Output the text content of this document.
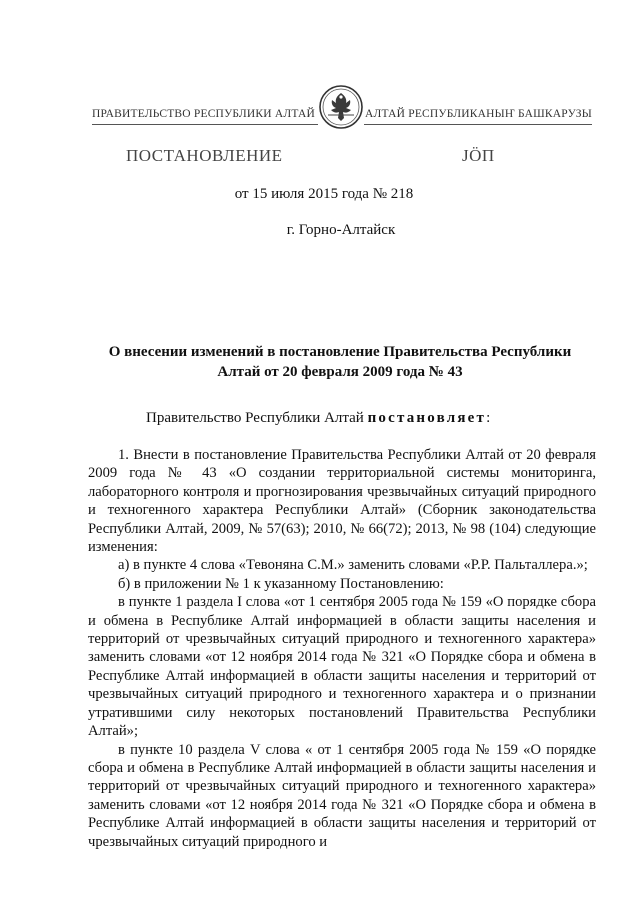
ПРАВИТЕЛЬСТВО РЕСПУБЛИКИ АЛТАЙ	АЛТАЙ РЕСПУБЛИКАНЫҤ БАШКАРУЗЫ
ПОСТАНОВЛЕНИЕ	JÖП
от 15 июля 2015 года № 218
г. Горно-Алтайск
О внесении изменений в постановление Правительства Республики Алтай от 20 февраля 2009 года № 43
Правительство Республики Алтай постановляет:

1. Внести в постановление Правительства Республики Алтай от 20 февраля 2009 года № 43 «О создании территориальной системы мониторинга, лабораторного контроля и прогнозирования чрезвычайных ситуаций природного и техногенного характера Республики Алтай» (Сборник законодательства Республики Алтай, 2009, № 57(63); 2010, № 66(72); 2013, № 98 (104) следующие изменения:

а) в пункте 4 слова «Тевоняна С.М.» заменить словами «Р.Р. Пальталлера.»;

б) в приложении № 1 к указанному Постановлению:

в пункте 1 раздела I слова «от 1 сентября 2005 года № 159 «О порядке сбора и обмена в Республике Алтай информацией в области защиты населения и территорий от чрезвычайных ситуаций природного и техногенного характера» заменить словами «от 12 ноября 2014 года № 321 «О Порядке сбора и обмена в Республике Алтай информацией в области защиты населения и территорий от чрезвычайных ситуаций природного и техногенного характера и о признании утратившими силу некоторых постановлений Правительства Республики Алтай»;

в пункте 10 раздела V слова « от 1 сентября 2005 года № 159 «О порядке сбора и обмена в Республике Алтай информацией в области защиты населения и территорий от чрезвычайных ситуаций природного и техногенного характера» заменить словами «от 12 ноября 2014 года № 321 «О Порядке сбора и обмена в Республике Алтай информацией в области защиты населения и территорий от чрезвычайных ситуаций природного и
